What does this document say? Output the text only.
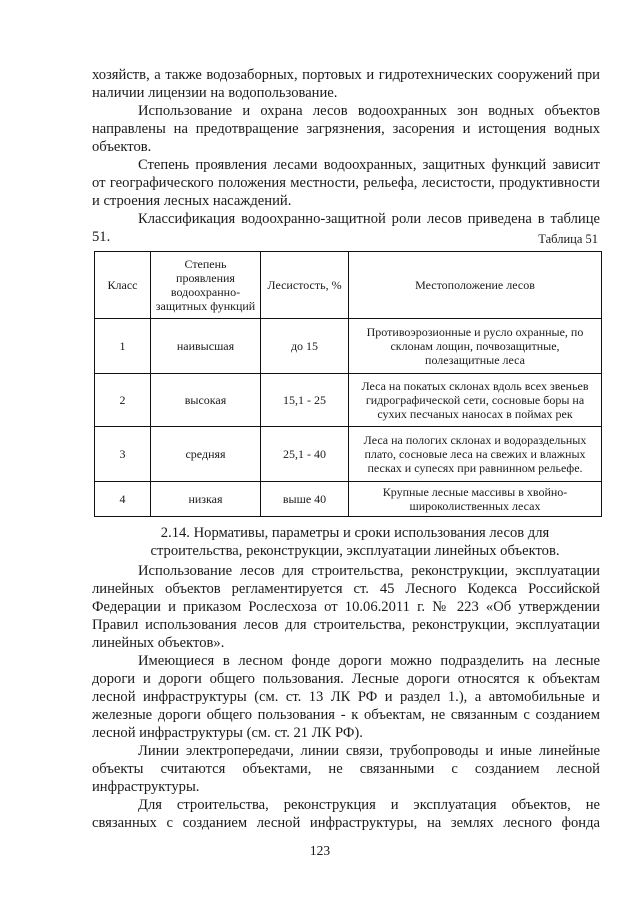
хозяйств, а также водозаборных, портовых и гидротехнических сооружений при наличии лицензии на водопользование.

Использование и охрана лесов водоохранных зон водных объектов направлены на предотвращение загрязнения, засорения и истощения водных объектов.

Степень проявления лесами водоохранных, защитных функций зависит от географического положения местности, рельефа, лесистости, продуктивности и строения лесных насаждений.

Классификация водоохранно-защитной роли лесов приведена в таблице 51.	Таблица 51
Класс	Степень проявления водоохранно-защитных функций	Лесистость, %	Местоположение лесов
1	наивысшая	до 15	Противоэрозионные и русло охранные, по склонам лощин, почвозащитные, полезащитные леса
2	высокая	15,1 - 25	Леса на покатых склонах вдоль всех звеньев гидрографической сети, сосновые боры на сухих песчаных наносах в поймах рек
3	средняя	25,1 - 40	Леса на пологих склонах и водораздельных плато, сосновые леса на свежих и влажных песках и супесях при равнинном рельефе.
4	низкая	выше 40	Крупные лесные массивы в хвойно-широколиственных лесах
2.14. Нормативы, параметры и сроки использования лесов для строительства, реконструкции, эксплуатации линейных объектов.

Использование лесов для строительства, реконструкции, эксплуатации линейных объектов регламентируется ст. 45 Лесного Кодекса Российской Федерации и приказом Рослесхоза от 10.06.2011 г. № 223 «Об утверждении Правил использования лесов для строительства, реконструкции, эксплуатации линейных объектов».

Имеющиеся в лесном фонде дороги можно подразделить на лесные дороги и дороги общего пользования. Лесные дороги относятся к объектам лесной инфраструктуры (см. ст. 13 ЛК РФ и раздел 1.), а автомобильные и железные дороги общего пользования - к объектам, не связанным с созданием лесной инфраструктуры (см. ст. 21 ЛК РФ).

Линии электропередачи, линии связи, трубопроводы и иные линейные объекты считаются объектами, не связанными с созданием лесной инфраструктуры.

Для строительства, реконструкция и эксплуатация объектов, не связанных с созданием лесной инфраструктуры, на землях лесного фонда

123
